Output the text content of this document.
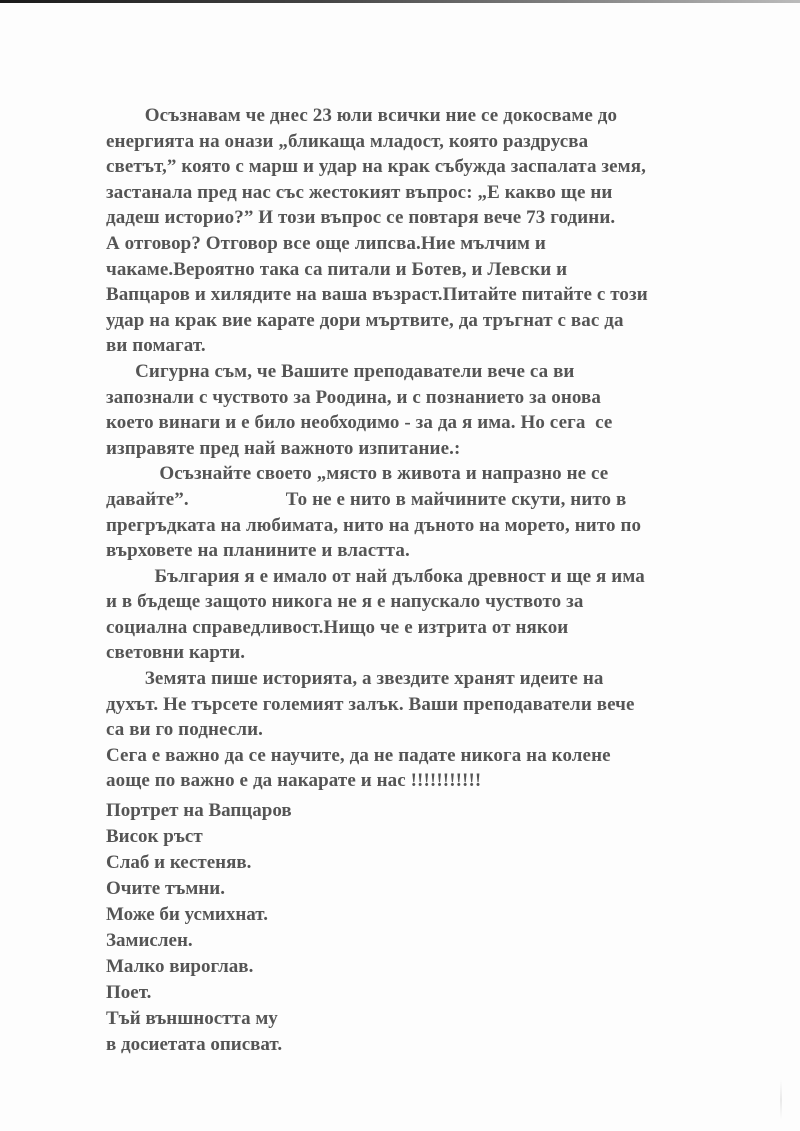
Осъзнавам че днес 23 юли всички ние се докосваме до
енергията на онази „бликаща младост, която раздрусва
светът,” която с марш и удар на крак събужда заспалата земя,
застанала пред нас със жестокият въпрос: „Е какво ще ни
дадеш историо?” И този въпрос се повтаря вече 73 години.
А отговор? Отговор все още липсва.Ние мълчим и
чакаме.Вероятно така са питали и Ботев, и Левски и
Вапцаров и хилядите на ваша възраст.Питайте питайте с този
удар на крак вие карате дори мъртвите, да тръгнат с вас да
ви помагат.
Сигурна съм, че Вашите преподаватели вече са ви
запознали с чуството за Роодина, и с познанието за онова
което винаги и е било необходимо - за да я има. Но сега  се
изправяте пред най важното изпитание.:
Осъзнайте своето „място в живота и напразно не се
давайте”.                    То не е нито в майчините скути, нито в
прегръдката на любимата, нито на дъното на морето, нито по
върховете на планините и властта.
България я е имало от най дълбока древност и ще я има
и в бъдеще защото никога не я е напускало чуството за
социална справедливост.Нищо че е изтрита от някои
световни карти.
Земята пише историята, а звездите хранят идеите на
духът. Не търсете големият залък. Ваши преподаватели вече
са ви го поднесли.
Сега е важно да се научите, да не падате никога на колене
аоще по важно е да накарате и нас !!!!!!!!!!!
Портрет на Вапцаров
Висок ръст
Слаб и кестеняв.
Очите тъмни.
Може би усмихнат.
Замислен.
Малко вироглав.
Поет.
Тъй външността му
в досиетата описват.
